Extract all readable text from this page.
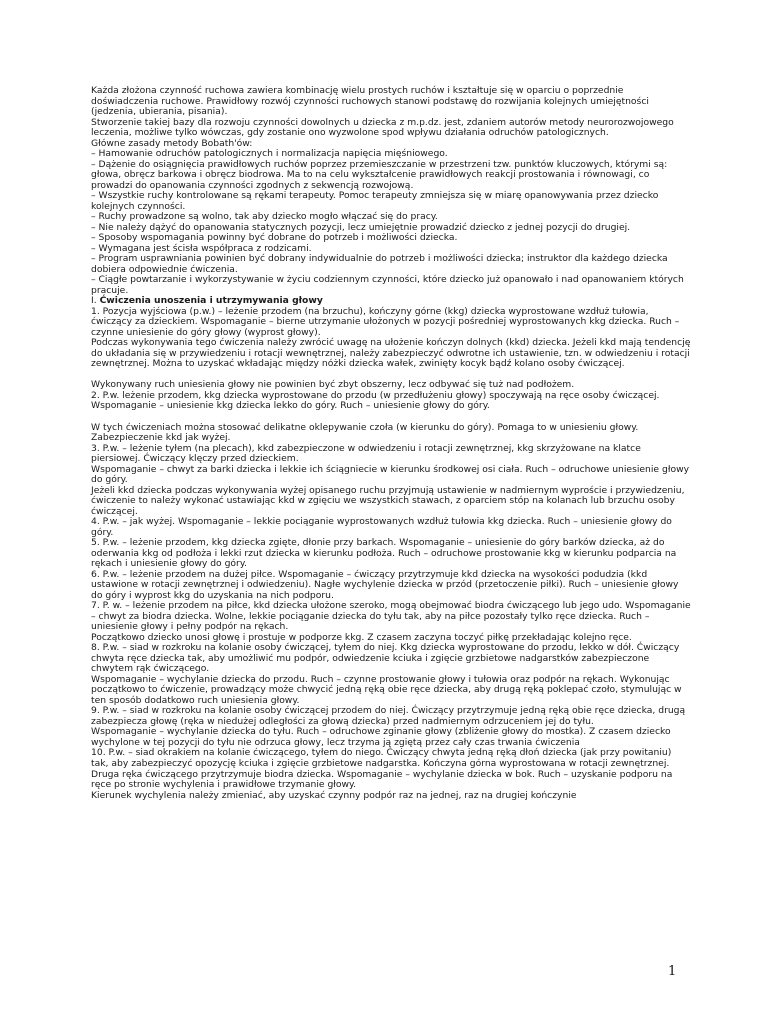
Każda złożona czynność ruchowa zawiera kombinację wielu prostych ruchów i kształtuje się w oparciu o poprzednie doświadczenia ruchowe. Prawidłowy rozwój czynności ruchowych stanowi podstawę do rozwijania kolejnych umiejętności (jedzenia, ubierania, pisania).

Stworzenie takiej bazy dla rozwoju czynności dowolnych u dziecka z m.p.dz. jest, zdaniem autorów metody neurorozwojowego leczenia, możliwe tylko wówczas, gdy zostanie ono wyzwolone spod wpływu działania odruchów patologicznych.

Główne zasady metody Bobath'ów:

– Hamowanie odruchów patologicznych i normalizacja napięcia mięśniowego.

– Dążenie do osiągnięcia prawidłowych ruchów poprzez przemieszczanie w przestrzeni tzw. punktów kluczowych, którymi są: głowa, obręcz barkowa i obręcz biodrowa. Ma to na celu wykształcenie prawidłowych reakcji prostowania i równowagi, co prowadzi do opanowania czynności zgodnych z sekwencją rozwojową.

– Wszystkie ruchy kontrolowane są rękami terapeuty. Pomoc terapeuty zmniejsza się w miarę opanowywania przez dziecko kolejnych czynności.

– Ruchy prowadzone są wolno, tak aby dziecko mogło włączać się do pracy.

– Nie należy dążyć do opanowania statycznych pozycji, lecz umiejętnie prowadzić dziecko z jednej pozycji do drugiej.

– Sposoby wspomagania powinny być dobrane do potrzeb i możliwości dziecka.

– Wymagana jest ścisła współpraca z rodzicami.

– Program usprawniania powinien być dobrany indywidualnie do potrzeb i możliwości dziecka; instruktor dla każdego dziecka dobiera odpowiednie ćwiczenia.

– Ciągłe powtarzanie i wykorzystywanie w życiu codziennym czynności, które dziecko już opanowało i nad opanowaniem których pracuje.

I. Ćwiczenia unoszenia i utrzymywania głowy

1. Pozycja wyjściowa (p.w.) – leżenie przodem (na brzuchu), kończyny górne (kkg) dziecka wyprostowane wzdłuż tułowia, ćwiczący za dzieckiem. Wspomaganie – bierne utrzymanie ułożonych w pozycji pośredniej wyprostowanych kkg dziecka. Ruch – czynne uniesienie do góry głowy (wyprost głowy).

Podczas wykonywania tego ćwiczenia należy zwrócić uwagę na ułożenie kończyn dolnych (kkd) dziecka. Jeżeli kkd mają tendencję do układania się w przywiedzeniu i rotacji wewnętrznej, należy zabezpieczyć odwrotne ich ustawienie, tzn. w odwiedzeniu i rotacji zewnętrznej. Można to uzyskać wkładając między nóżki dziecka wałek, zwinięty kocyk bądź kolano osoby ćwiczącej.

Wykonywany ruch uniesienia głowy nie powinien być zbyt obszerny, lecz odbywać się tuż nad podłożem.

2. P.w. leżenie przodem, kkg dziecka wyprostowane do przodu (w przedłużeniu głowy) spoczywają na ręce osoby ćwiczącej. Wspomaganie – uniesienie kkg dziecka lekko do góry. Ruch – uniesienie głowy do góry.

W tych ćwiczeniach można stosować delikatne oklepywanie czoła (w kierunku do góry). Pomaga to w uniesieniu głowy. Zabezpieczenie kkd jak wyżej.

3. P.w. – leżenie tyłem (na plecach), kkd zabezpieczone w odwiedzeniu i rotacji zewnętrznej, kkg skrzyżowane na klatce piersiowej. Ćwiczący klęczy przed dzieckiem.

Wspomaganie – chwyt za barki dziecka i lekkie ich ściągniecie w kierunku środkowej osi ciała. Ruch – odruchowe uniesienie głowy do góry.

Jeżeli kkd dziecka podczas wykonywania wyżej opisanego ruchu przyjmują ustawienie w nadmiernym wyproście i przywiedzeniu, ćwiczenie to należy wykonać ustawiając kkd w zgięciu we wszystkich stawach, z oparciem stóp na kolanach lub brzuchu osoby ćwiczącej.

4. P.w. – jak wyżej. Wspomaganie – lekkie pociąganie wyprostowanych wzdłuż tułowia kkg dziecka. Ruch – uniesienie głowy do góry.

5. P.w. – leżenie przodem, kkg dziecka zgięte, dłonie przy barkach. Wspomaganie – uniesienie do góry barków dziecka, aż do oderwania kkg od podłoża i lekki rzut dziecka w kierunku podłoża. Ruch – odruchowe prostowanie kkg w kierunku podparcia na rękach i uniesienie głowy do góry.

6. P.w. – leżenie przodem na dużej piłce. Wspomaganie – ćwiczący przytrzymuje kkd dziecka na wysokości podudzia (kkd ustawione w rotacji zewnętrznej i odwiedzeniu). Nagłe wychylenie dziecka w przód (przetoczenie piłki). Ruch – uniesienie głowy do góry i wyprost kkg do uzyskania na nich podporu.

7. P. w. – leżenie przodem na piłce, kkd dziecka ułożone szeroko, mogą obejmować biodra ćwiczącego lub jego udo. Wspomaganie – chwyt za biodra dziecka. Wolne, lekkie pociąganie dziecka do tyłu tak, aby na piłce pozostały tylko ręce dziecka. Ruch – uniesienie głowy i pełny podpór na rękach.

Początkowo dziecko unosi głowę i prostuje w podporze kkg. Z czasem zaczyna toczyć piłkę przekładając kolejno ręce.

8. P.w. – siad w rozkroku na kolanie osoby ćwiczącej, tyłem do niej. Kkg dziecka wyprostowane do przodu, lekko w dół. Ćwiczący chwyta ręce dziecka tak, aby umożliwić mu podpór, odwiedzenie kciuka i zgięcie grzbietowe nadgarstków zabezpieczone chwytem rąk ćwiczącego.

Wspomaganie – wychylanie dziecka do przodu. Ruch – czynne prostowanie głowy i tułowia oraz podpór na rękach. Wykonując początkowo to ćwiczenie, prowadzący może chwycić jedną ręką obie ręce dziecka, aby drugą ręką poklepać czoło, stymulując w ten sposób dodatkowo ruch uniesienia głowy.

9. P.w. – siad w rozkroku na kolanie osoby ćwiczącej przodem do niej. Ćwiczący przytrzymuje jedną ręką obie ręce dziecka, drugą zabezpiecza głowę (ręka w niedużej odległości za głową dziecka) przed nadmiernym odrzuceniem jej do tyłu.

Wspomaganie – wychylanie dziecka do tyłu. Ruch – odruchowe zginanie głowy (zbliżenie głowy do mostka). Z czasem dziecko wychylone w tej pozycji do tyłu nie odrzuca głowy, lecz trzyma ją zgiętą przez cały czas trwania ćwiczenia

10. P.w. – siad okrakiem na kolanie ćwiczącego, tyłem do niego. Ćwiczący chwyta jedną ręką dłoń dziecka (jak przy powitaniu) tak, aby zabezpieczyć opozycję kciuka i zgięcie grzbietowe nadgarstka. Kończyna górna wyprostowana w rotacji zewnętrznej. Druga ręka ćwiczącego przytrzymuje biodra dziecka. Wspomaganie – wychylanie dziecka w bok. Ruch – uzyskanie podporu na ręce po stronie wychylenia i prawidłowe trzymanie głowy.

Kierunek wychylenia należy zmieniać, aby uzyskać czynny podpór raz na jednej, raz na drugiej kończynie

1
